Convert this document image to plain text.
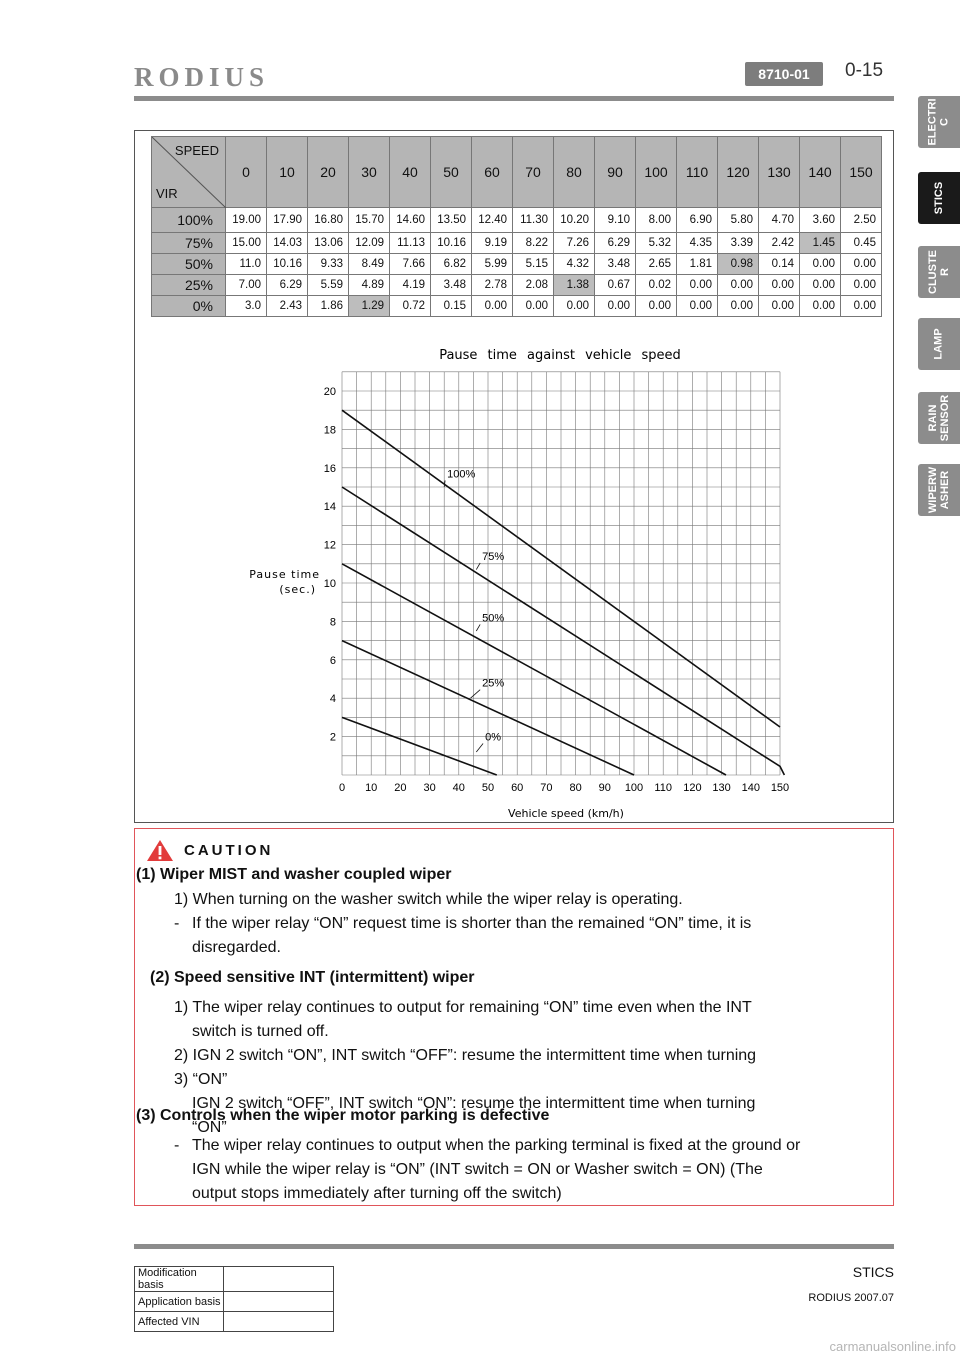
RODIUS	8710-01	0-15
ELECTRI
C
STICS
CLUSTE
R
LAMP
RAIN
SENSOR
WIPERW
ASHER
SPEED
VIR	0	10	20	30	40	50	60	70	80	90	100	110	120	130	140	150
100%	19.00	17.90	16.80	15.70	14.60	13.50	12.40	11.30	10.20	9.10	8.00	6.90	5.80	4.70	3.60	2.50
75%	15.00	14.03	13.06	12.09	11.13	10.16	9.19	8.22	7.26	6.29	5.32	4.35	3.39	2.42	1.45	0.45
50%	11.0	10.16	9.33	8.49	7.66	6.82	5.99	5.15	4.32	3.48	2.65	1.81	0.98	0.14	0.00	0.00
25%	7.00	6.29	5.59	4.89	4.19	3.48	2.78	2.08	1.38	0.67	0.02	0.00	0.00	0.00	0.00	0.00
0%	3.0	2.43	1.86	1.29	0.72	0.15	0.00	0.00	0.00	0.00	0.00	0.00	0.00	0.00	0.00	0.00
0 10 20 30 40 50 60 70 80 90 100 110 120 130 140 150
2
4
6
8
10
12
14
16
18
20
100%
75%
50%
25%
0%
Pause time against vehicle speed
Vehicle speed (km/h)
Pause time
(sec.)
CAUTION
(1) Wiper MIST and washer coupled wiper
1) When turning on the washer switch while the wiper relay is operating.
- If the wiper relay “ON” request time is shorter than the remained “ON” time, it is
disregarded.
(2) Speed sensitive INT (intermittent) wiper
1) The wiper relay continues to output for remaining “ON” time even when the INT
switch is turned off.
2) IGN 2 switch “ON”, INT switch “OFF”: resume the intermittent time when turning
3) “ON”
IGN 2 switch “OFF”, INT switch “ON”: resume the intermittent time when turning
(3) Controls when the wiper motor parking is defective
“ON”
- The wiper relay continues to output when the parking terminal is fixed at the ground or
IGN while the wiper relay is “ON” (INT switch = ON or Washer switch = ON) (The
output stops immediately after turning off the switch)
STICS
RODIUS 2007.07
Modification basis	
Application basis	
Affected VIN	
carmanualsonline.info
